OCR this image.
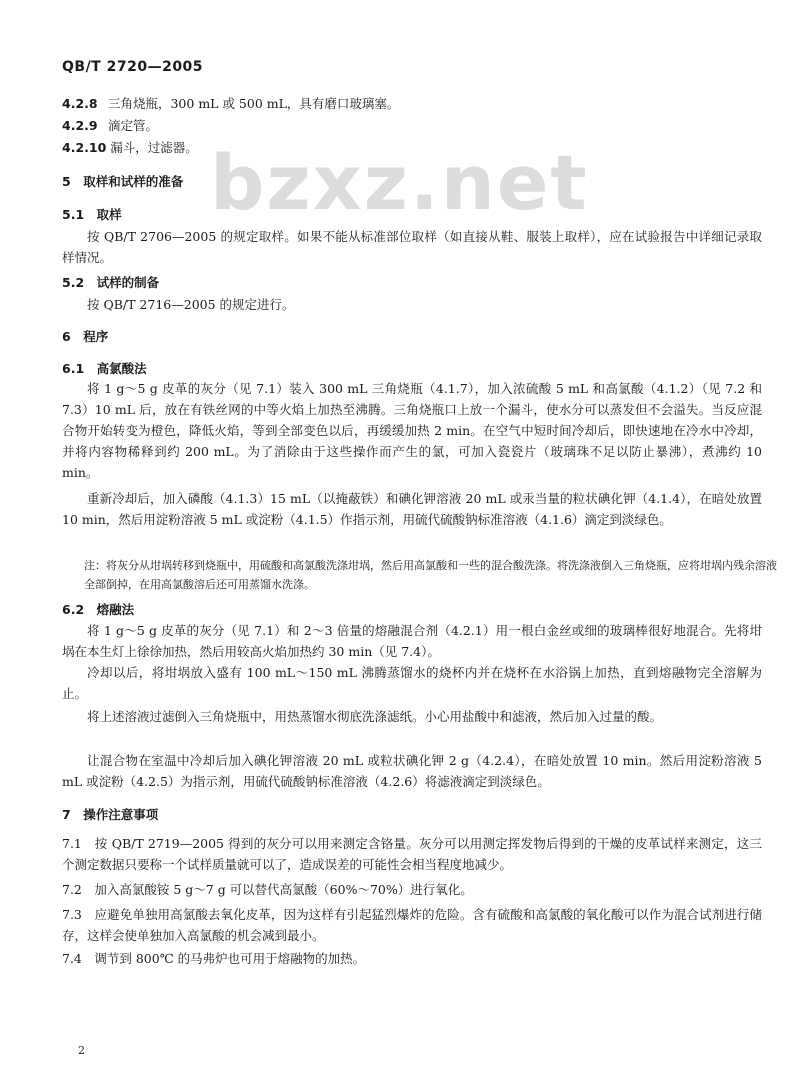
QB/T 2720—2005
bzxz.net
4.2.8 三角烧瓶，300 mL 或 500 mL，具有磨口玻璃塞。
4.2.9 滴定管。
4.2.10 漏斗，过滤器。
5　取样和试样的准备
5.1　取样
按 QB/T 2706—2005 的规定取样。如果不能从标准部位取样（如直接从鞋、服装上取样），应在试验报告中详细记录取样情况。
5.2　试样的制备
按 QB/T 2716—2005 的规定进行。
6　程序
6.1　高氯酸法
将 1 g～5 g 皮革的灰分（见 7.1）装入 300 mL 三角烧瓶（4.1.7），加入浓硫酸 5 mL 和高氯酸（4.1.2）（见 7.2 和 7.3）10 mL 后，放在有铁丝网的中等火焰上加热至沸腾。三角烧瓶口上放一个漏斗，使水分可以蒸发但不会溢失。当反应混合物开始转变为橙色，降低火焰，等到全部变色以后，再缓缓加热 2 min。在空气中短时间冷却后，即快速地在冷水中冷却，并将内容物稀释到约 200 mL。为了消除由于这些操作而产生的氯，可加入瓷瓷片（玻璃珠不足以防止暴沸），煮沸约 10 min。
重新冷却后，加入磷酸（4.1.3）15 mL（以掩蔽铁）和碘化钾溶液 20 mL 或汞当量的粒状碘化钾（4.1.4），在暗处放置 10 min，然后用淀粉溶液 5 mL 或淀粉（4.1.5）作指示剂，用硫代硫酸钠标准溶液（4.1.6）滴定到淡绿色。
注：将灰分从坩埚转移到烧瓶中，用硫酸和高氯酸洗涤坩埚，然后用高氯酸和一些的混合酸洗涤。将洗涤液倒入三角烧瓶，应将坩埚内残余溶液全部倒掉，在用高氯酸溶后还可用蒸馏水洗涤。
6.2　熔融法
将 1 g～5 g 皮革的灰分（见 7.1）和 2～3 倍量的熔融混合剂（4.2.1）用一根白金丝或细的玻璃棒很好地混合。先将坩埚在本生灯上徐徐加热，然后用较高火焰加热约 30 min（见 7.4）。
冷却以后，将坩埚放入盛有 100 mL～150 mL 沸腾蒸馏水的烧杯内并在烧杯在水浴锅上加热，直到熔融物完全溶解为止。
将上述溶液过滤倒入三角烧瓶中，用热蒸馏水彻底洗涤滤纸。小心用盐酸中和滤液，然后加入过量的酸。
让混合物在室温中冷却后加入碘化钾溶液 20 mL 或粒状碘化钾 2 g（4.2.4），在暗处放置 10 min。然后用淀粉溶液 5 mL 或淀粉（4.2.5）为指示剂，用硫代硫酸钠标准溶液（4.2.6）将滤液滴定到淡绿色。
7　操作注意事项
7.1　按 QB/T 2719—2005 得到的灰分可以用来测定含铬量。灰分可以用测定挥发物后得到的干燥的皮革试样来测定，这三个测定数据只要称一个试样质量就可以了，造成误差的可能性会相当程度地减少。
7.2　加入高氯酸铵 5 g～7 g 可以替代高氯酸（60%～70%）进行氧化。
7.3　应避免单独用高氯酸去氧化皮革，因为这样有引起猛烈爆炸的危险。含有硫酸和高氯酸的氧化酸可以作为混合试剂进行储存，这样会使单独加入高氯酸的机会减到最小。
7.4　调节到 800℃ 的马弗炉也可用于熔融物的加热。
2
